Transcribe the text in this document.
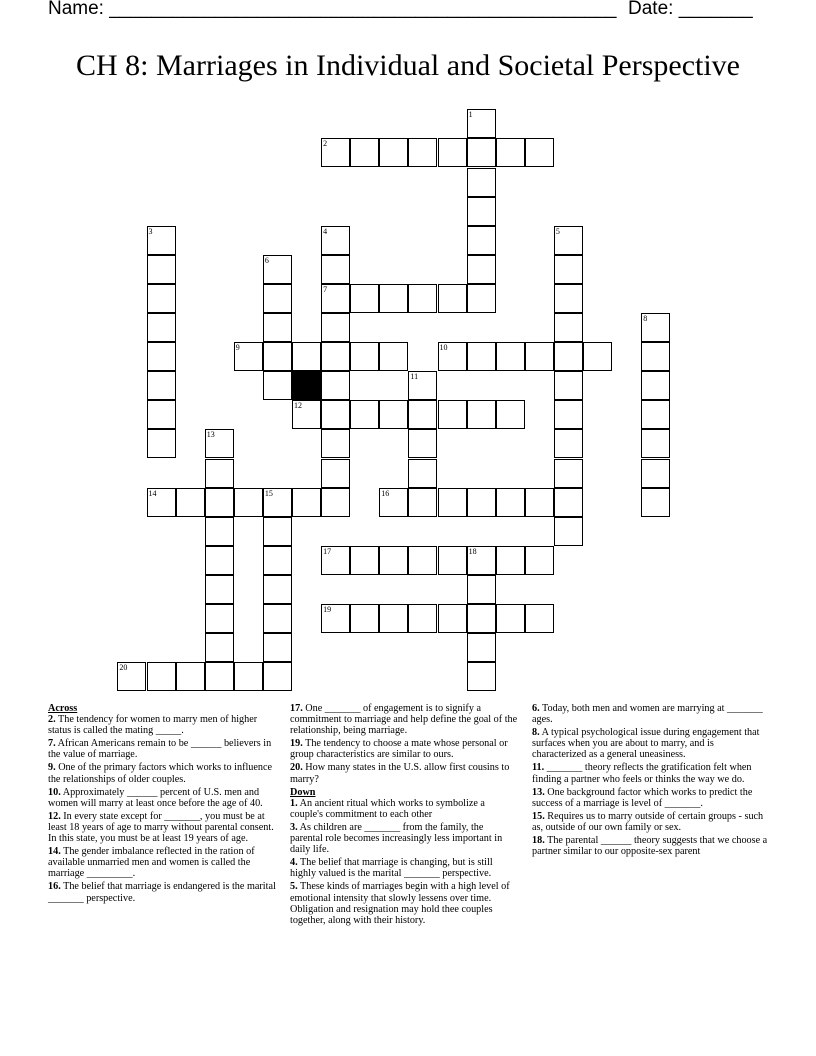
Name: ________________________________________________ Date: _______
CH 8: Marriages in Individual and Societal Perspective
1
2
3	4	5
6
7
8
9	10
11
12
13
14	15	16
17	18
19
20

Across

2. The tendency for women to marry men of higher status is called the mating _____.

7. African Americans remain to be ______ believers in the value of marriage.

9. One of the primary factors which works to influence the relationships of older couples.

10. Approximately ______ percent of U.S. men and women will marry at least once before the age of 40.

12. In every state except for _______, you must be at least 18 years of age to marry without parental consent. In this state, you must be at least 19 years of age.

14. The gender imbalance reflected in the ration of available unmarried men and women is called the marriage _________.

16. The belief that marriage is endangered is the marital _______ perspective.

17. One _______ of engagement is to signify a commitment to marriage and help define the goal of the relationship, being marriage.

19. The tendency to choose a mate whose personal or group characteristics are similar to ours.

20. How many states in the U.S. allow first cousins to marry?

Down

1. An ancient ritual which works to symbolize a couple's commitment to each other

3. As children are _______ from the family, the parental role becomes increasingly less important in daily life.

4. The belief that marriage is changing, but is still highly valued is the marital _______ perspective.

5. These kinds of marriages begin with a high level of emotional intensity that slowly lessens over time. Obligation and resignation may hold thee couples together, along with their history.

6. Today, both men and women are marrying at _______ ages.

8. A typical psychological issue during engagement that surfaces when you are about to marry, and is characterized as a general uneasiness.

11. _______ theory reflects the gratification felt when finding a partner who feels or thinks the way we do.

13. One background factor which works to predict the success of a marriage is level of _______.

15. Requires us to marry outside of certain groups - such as, outside of our own family or sex.

18. The parental ______ theory suggests that we choose a partner similar to our opposite-sex parent
